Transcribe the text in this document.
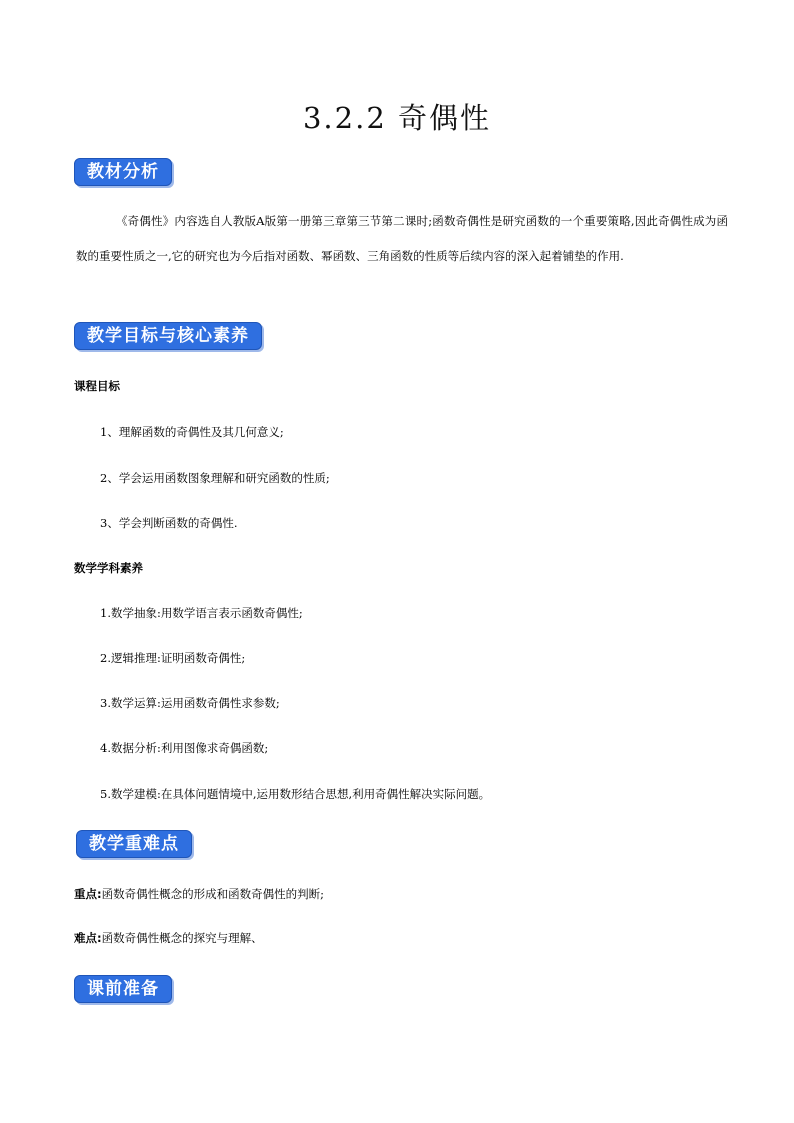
3.2.2 奇偶性
教材分析
《奇偶性》内容选自人教版A版第一册第三章第三节第二课时;函数奇偶性是研究函数的一个重要策略,因此奇偶性成为函数的重要性质之一,它的研究也为今后指对函数、幂函数、三角函数的性质等后续内容的深入起着铺垫的作用.
教学目标与核心素养
课程目标
1、理解函数的奇偶性及其几何意义;
2、学会运用函数图象理解和研究函数的性质;
3、学会判断函数的奇偶性.
数学学科素养
1.数学抽象:用数学语言表示函数奇偶性;
2.逻辑推理:证明函数奇偶性;
3.数学运算:运用函数奇偶性求参数;
4.数据分析:利用图像求奇偶函数;
5.数学建模:在具体问题情境中,运用数形结合思想,利用奇偶性解决实际问题。
教学重难点
重点:函数奇偶性概念的形成和函数奇偶性的判断;
难点:函数奇偶性概念的探究与理解、
课前准备
